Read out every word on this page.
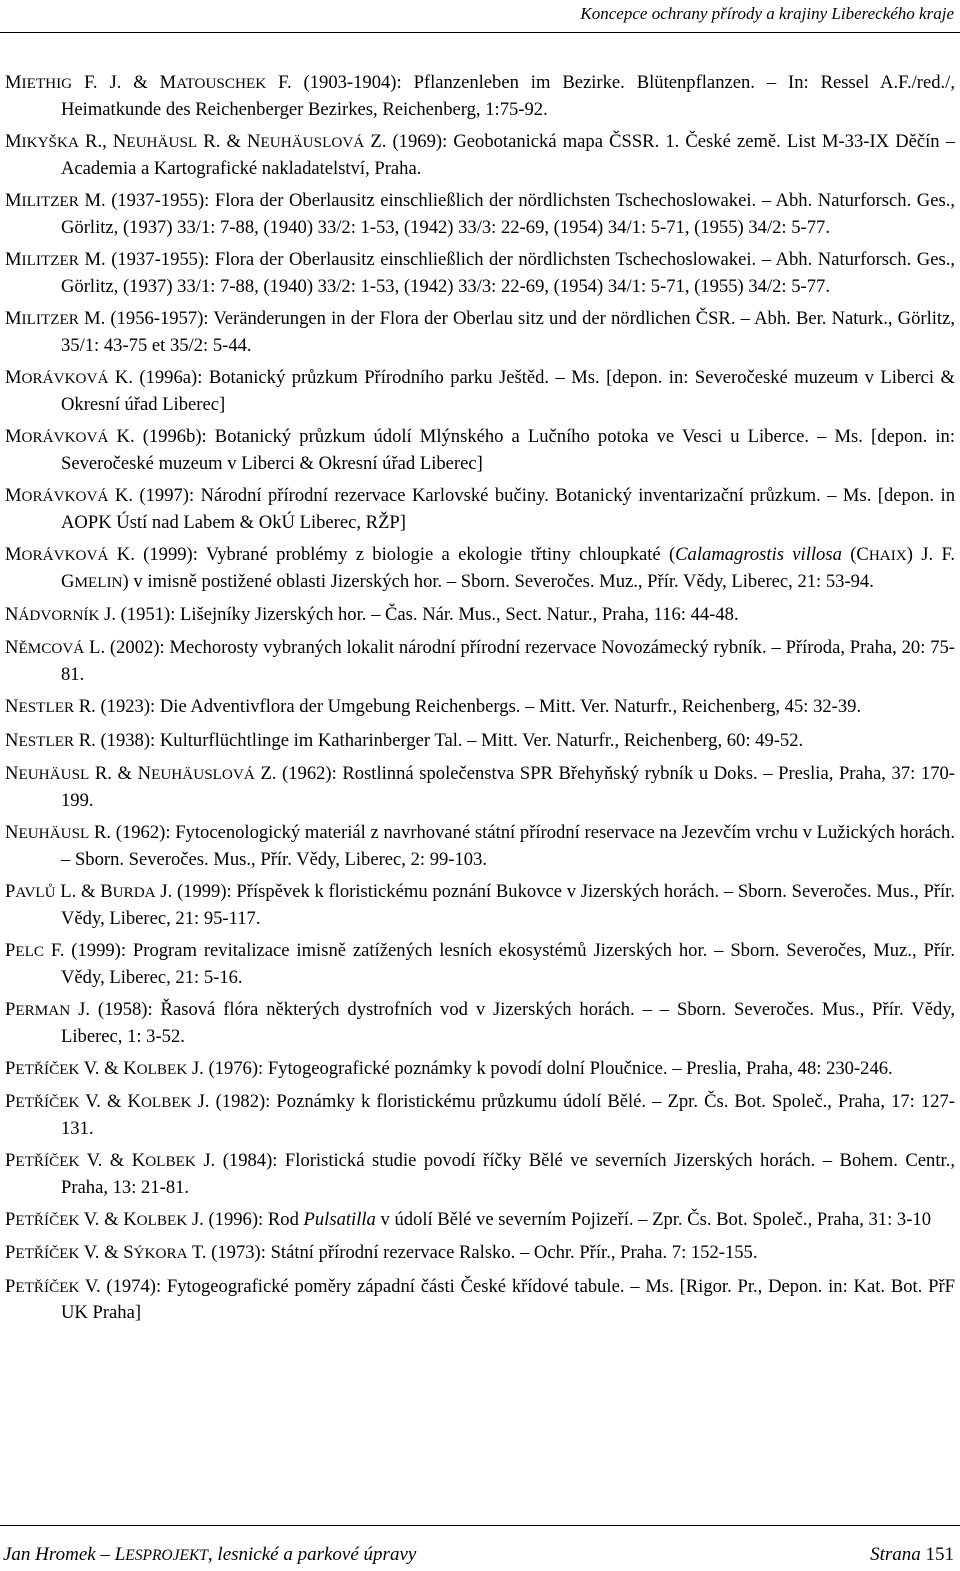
Koncepce ochrany přírody a krajiny Libereckého kraje
MIETHIG F. J. & MATOUSCHEK F. (1903-1904): Pflanzenleben im Bezirke. Blütenpflanzen. – In: Ressel A.F./red./, Heimatkunde des Reichenberger Bezirkes, Reichenberg, 1:75-92.
MIKYŠKA R., NEUHÄUSL R. & NEUHÄUSLOVÁ Z. (1969): Geobotanická mapa ČSSR. 1. České země. List M-33-IX Děčín – Academia a Kartografické nakladatelství, Praha.
MILITZER M. (1937-1955): Flora der Oberlausitz einschließlich der nördlichsten Tschechoslowakei. – Abh. Naturforsch. Ges., Görlitz, (1937) 33/1: 7-88, (1940) 33/2: 1-53, (1942) 33/3: 22-69, (1954) 34/1: 5-71, (1955) 34/2: 5-77.
MILITZER M. (1937-1955): Flora der Oberlausitz einschließlich der nördlichsten Tschechoslowakei. – Abh. Naturforsch. Ges., Görlitz, (1937) 33/1: 7-88, (1940) 33/2: 1-53, (1942) 33/3: 22-69, (1954) 34/1: 5-71, (1955) 34/2: 5-77.
MILITZER M. (1956-1957): Veränderungen in der Flora der Oberlau sitz und der nördlichen ČSR. – Abh. Ber. Naturk., Görlitz, 35/1: 43-75 et 35/2: 5-44.
MORÁVKOVÁ K. (1996a): Botanický průzkum Přírodního parku Ještěd. – Ms. [depon. in: Severočeské muzeum v Liberci & Okresní úřad Liberec]
MORÁVKOVÁ K. (1996b): Botanický průzkum údolí Mlýnského a Lučního potoka ve Vesci u Liberce. – Ms. [depon. in: Severočeské muzeum v Liberci & Okresní úřad Liberec]
MORÁVKOVÁ K. (1997): Národní přírodní rezervace Karlovské bučiny. Botanický inventarizační průzkum. – Ms. [depon. in AOPK Ústí nad Labem & OkÚ Liberec, RŽP]
MORÁVKOVÁ K. (1999): Vybrané problémy z biologie a ekologie třtiny chloupkaté (Calamagrostis villosa (CHAIX) J. F. GMELIN) v imisně postižené oblasti Jizerských hor. – Sborn. Severočes. Muz., Přír. Vědy, Liberec, 21: 53-94.
NÁDVORNÍK J. (1951): Lišejníky Jizerských hor. – Čas. Nár. Mus., Sect. Natur., Praha, 116: 44-48.
NĚMCOVÁ L. (2002): Mechorosty vybraných lokalit národní přírodní rezervace Novozámecký rybník. – Příroda, Praha, 20: 75-81.
NESTLER R. (1923): Die Adventivflora der Umgebung Reichenbergs. – Mitt. Ver. Naturfr., Reichenberg, 45: 32-39.
NESTLER R. (1938): Kulturflüchtlinge im Katharinberger Tal. – Mitt. Ver. Naturfr., Reichenberg, 60: 49-52.
NEUHÄUSL R. & NEUHÄUSLOVÁ Z. (1962): Rostlinná společenstva SPR Břehyňský rybník u Doks. – Preslia, Praha, 37: 170-199.
NEUHÄUSL R. (1962): Fytocenologický materiál z navrhované státní přírodní reservace na Jezevčím vrchu v Lužických horách. – Sborn. Severočes. Mus., Přír. Vědy, Liberec, 2: 99-103.
PAVLŮ L. & BURDA J. (1999): Příspěvek k floristickému poznání Bukovce v Jizerských horách. – Sborn. Severočes. Mus., Přír. Vědy, Liberec, 21: 95-117.
PELC F. (1999): Program revitalizace imisně zatížených lesních ekosystémů Jizerských hor. – Sborn. Severočes, Muz., Přír. Vědy, Liberec, 21: 5-16.
PERMAN J. (1958): Řasová flóra některých dystrofních vod v Jizerských horách. – – Sborn. Severočes. Mus., Přír. Vědy, Liberec, 1: 3-52.
PETŘÍČEK V. & KOLBEK J. (1976): Fytogeografické poznámky k povodí dolní Ploučnice. – Preslia, Praha, 48: 230-246.
PETŘÍČEK V. & KOLBEK J. (1982): Poznámky k floristickému průzkumu údolí Bělé. – Zpr. Čs. Bot. Společ., Praha, 17: 127-131.
PETŘÍČEK V. & KOLBEK J. (1984): Floristická studie povodí říčky Bělé ve severních Jizerských horách. – Bohem. Centr., Praha, 13: 21-81.
PETŘÍČEK V. & KOLBEK J. (1996): Rod Pulsatilla v údolí Bělé ve severním Pojizeří. – Zpr. Čs. Bot. Společ., Praha, 31: 3-10
PETŘÍČEK V. & SÝKORA T. (1973): Státní přírodní rezervace Ralsko. – Ochr. Přír., Praha. 7: 152-155.
PETŘÍČEK V. (1974): Fytogeografické poměry západní části České křídové tabule. – Ms. [Rigor. Pr., Depon. in: Kat. Bot. PřF UK Praha]
Jan Hromek – LESPROJEKT, lesnické a parkové úpravy	Strana 151
